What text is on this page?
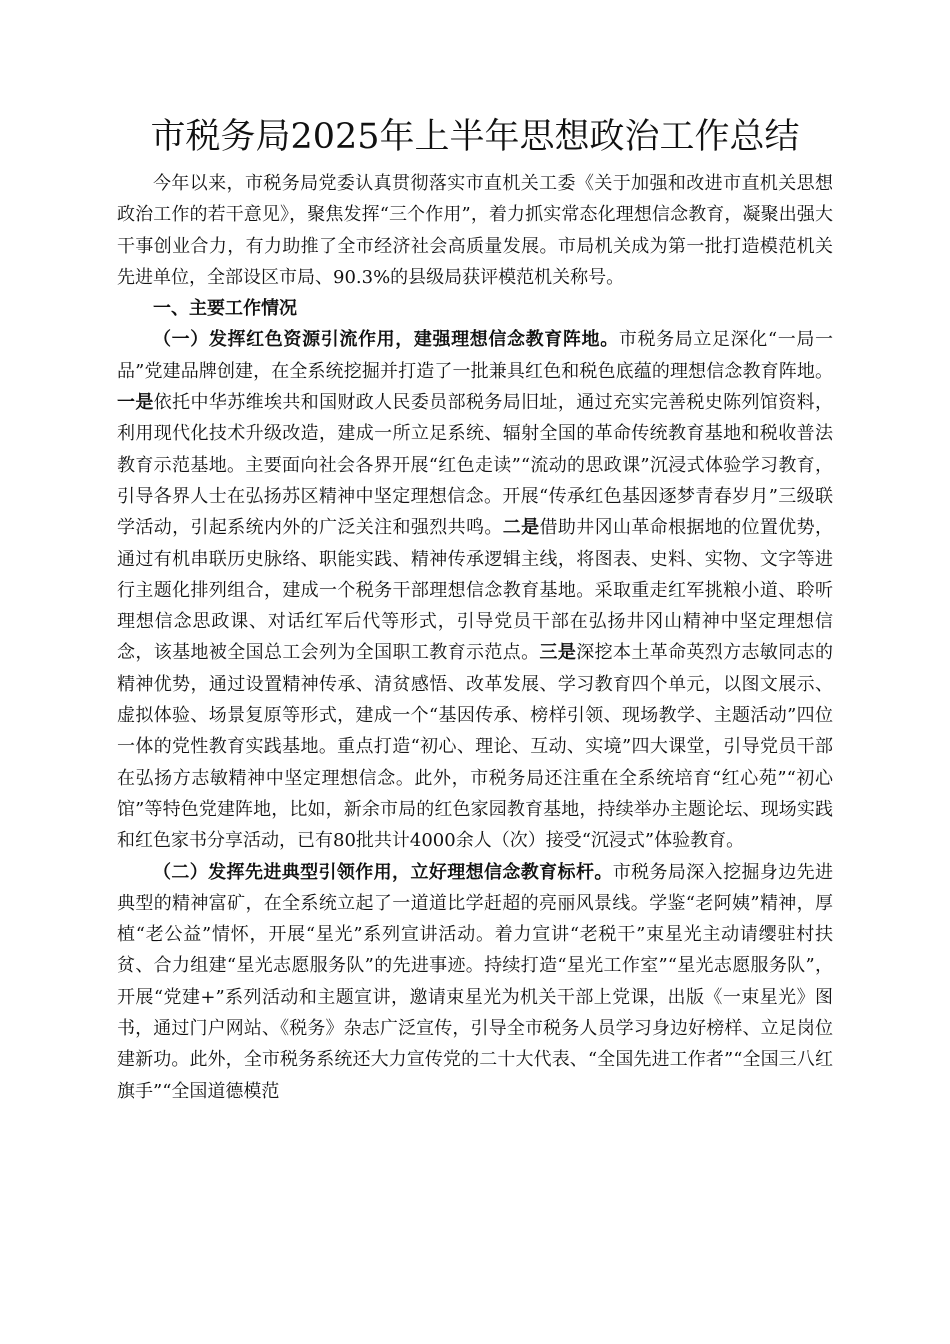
市税务局2025年上半年思想政治工作总结

今年以来，市税务局党委认真贯彻落实市直机关工委《关于加强和改进市直机关思想政治工作的若干意见》，聚焦发挥“三个作用”，着力抓实常态化理想信念教育，凝聚出强大干事创业合力，有力助推了全市经济社会高质量发展。市局机关成为第一批打造模范机关先进单位，全部设区市局、90.3%的县级局获评模范机关称号。

一、主要工作情况

（一）发挥红色资源引流作用，建强理想信念教育阵地。市税务局立足深化“一局一品”党建品牌创建，在全系统挖掘并打造了一批兼具红色和税色底蕴的理想信念教育阵地。一是依托中华苏维埃共和国财政人民委员部税务局旧址，通过充实完善税史陈列馆资料，利用现代化技术升级改造，建成一所立足系统、辐射全国的革命传统教育基地和税收普法教育示范基地。主要面向社会各界开展“红色走读”“流动的思政课”沉浸式体验学习教育，引导各界人士在弘扬苏区精神中坚定理想信念。开展“传承红色基因逐梦青春岁月”三级联学活动，引起系统内外的广泛关注和强烈共鸣。二是借助井冈山革命根据地的位置优势，通过有机串联历史脉络、职能实践、精神传承逻辑主线，将图表、史料、实物、文字等进行主题化排列组合，建成一个税务干部理想信念教育基地。采取重走红军挑粮小道、聆听理想信念思政课、对话红军后代等形式，引导党员干部在弘扬井冈山精神中坚定理想信念，该基地被全国总工会列为全国职工教育示范点。三是深挖本土革命英烈方志敏同志的精神优势，通过设置精神传承、清贫感悟、改革发展、学习教育四个单元，以图文展示、虚拟体验、场景复原等形式，建成一个“基因传承、榜样引领、现场教学、主题活动”四位一体的党性教育实践基地。重点打造“初心、理论、互动、实境”四大课堂，引导党员干部在弘扬方志敏精神中坚定理想信念。此外，市税务局还注重在全系统培育“红心苑”“初心馆”等特色党建阵地，比如，新余市局的红色家园教育基地，持续举办主题论坛、现场实践和红色家书分享活动，已有80批共计4000余人（次）接受“沉浸式”体验教育。

（二）发挥先进典型引领作用，立好理想信念教育标杆。市税务局深入挖掘身边先进典型的精神富矿，在全系统立起了一道道比学赶超的亮丽风景线。学鉴“老阿姨”精神，厚植“老公益”情怀，开展“星光”系列宣讲活动。着力宣讲“老税干”束星光主动请缨驻村扶贫、合力组建“星光志愿服务队”的先进事迹。持续打造“星光工作室”“星光志愿服务队”，开展“党建+”系列活动和主题宣讲，邀请束星光为机关干部上党课，出版《一束星光》图书，通过门户网站、《税务》杂志广泛宣传，引导全市税务人员学习身边好榜样、立足岗位建新功。此外，全市税务系统还大力宣传党的二十大代表、“全国先进工作者”“全国三八红旗手”“全国道德模范
